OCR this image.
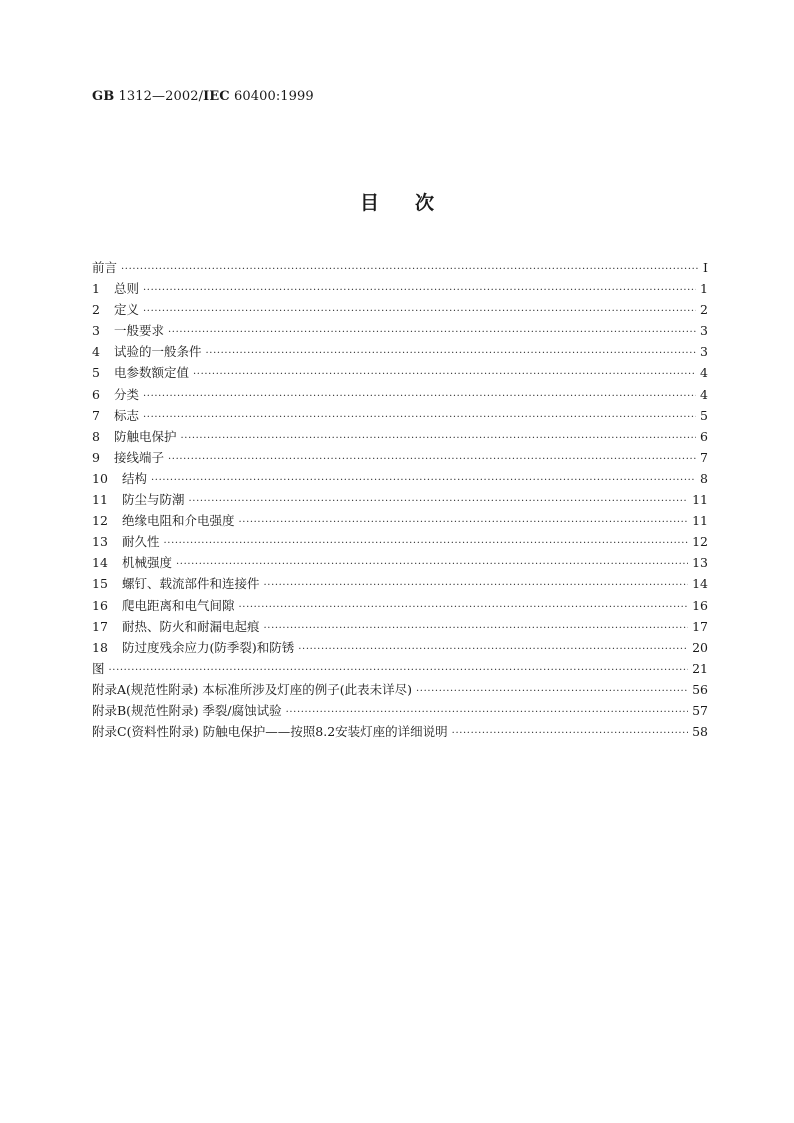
GB 1312—2002/IEC 60400:1999
目次
前言 ·····	I
1	总则 ·····	1
2	定义 ·····	2
3	一般要求 ·····	3
4	试验的一般条件 ·····	3
5	电参数额定值 ·····	4
6	分类 ·····	4
7	标志 ·····	5
8	防触电保护 ·····	6
9	接线端子 ·····	7
10	结构 ·····	8
11	防尘与防潮 ·····	11
12	绝缘电阻和介电强度 ·····	11
13	耐久性 ·····	12
14	机械强度 ·····	13
15	螺钉、载流部件和连接件 ·····	14
16	爬电距离和电气间隙 ·····	16
17	耐热、防火和耐漏电起痕 ·····	17
18	防过度残余应力(防季裂)和防锈 ·····	20
图 ·····	21
附录A(规范性附录) 本标准所涉及灯座的例子(此表未详尽) ·····	56
附录B(规范性附录) 季裂/腐蚀试验 ·····	57
附录C(资料性附录) 防触电保护——按照8.2安装灯座的详细说明 ·····	58
